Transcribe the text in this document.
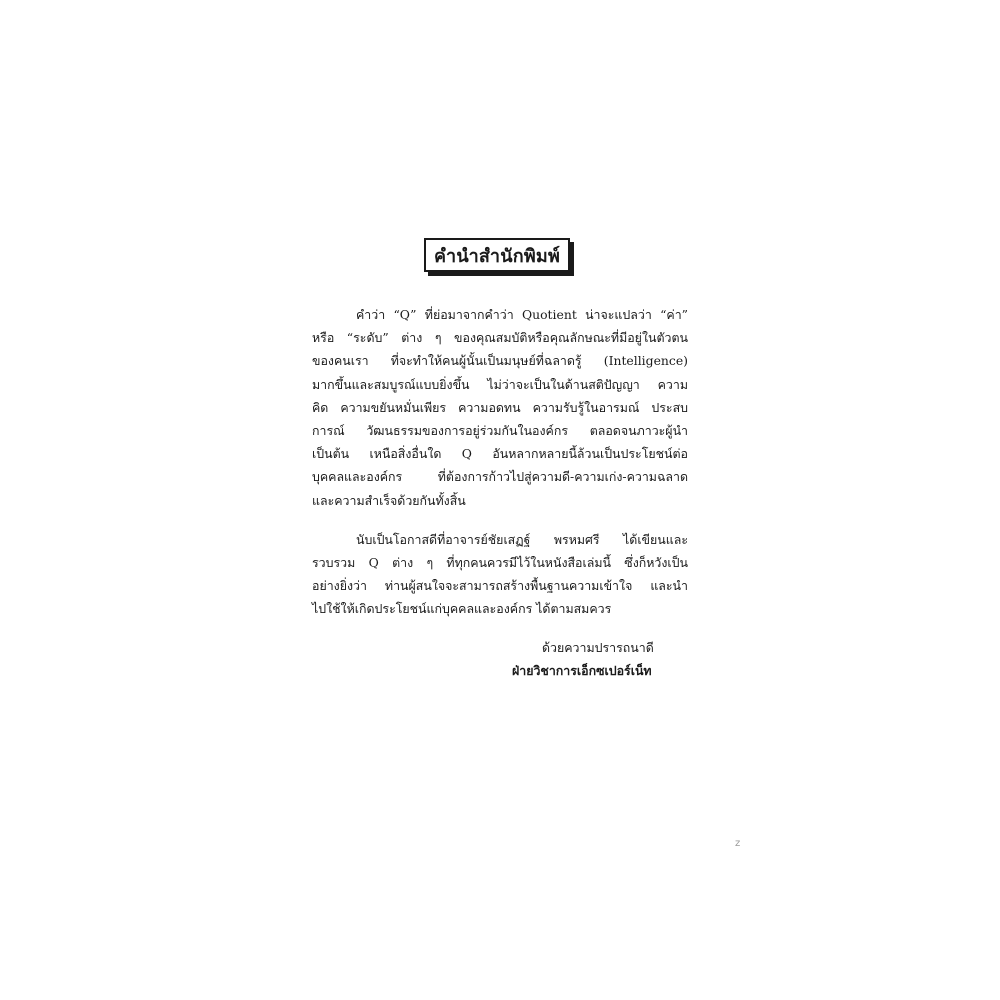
คำนำสำนักพิมพ์
คำว่า “Q” ที่ย่อมาจากคำว่า Quotient น่าจะแปลว่า “ค่า”
หรือ “ระดับ” ต่าง ๆ ของคุณสมบัติหรือคุณลักษณะที่มีอยู่ในตัวตน
ของคนเรา ที่จะทำให้คนผู้นั้นเป็นมนุษย์ที่ฉลาดรู้ (Intelligence)
มากขึ้นและสมบูรณ์แบบยิ่งขึ้น ไม่ว่าจะเป็นในด้านสติปัญญา ความ
คิด ความขยันหมั่นเพียร ความอดทน ความรับรู้ในอารมณ์ ประสบ
การณ์ วัฒนธรรมของการอยู่ร่วมกันในองค์กร ตลอดจนภาวะผู้นำ
เป็นต้น เหนือสิ่งอื่นใด Q อันหลากหลายนี้ล้วนเป็นประโยชน์ต่อ
บุคคลและองค์กร ที่ต้องการก้าวไปสู่ความดี-ความเก่ง-ความฉลาด
และความสำเร็จด้วยกันทั้งสิ้น
นับเป็นโอกาสดีที่อาจารย์ชัยเสฏฐ์ พรหมศรี ได้เขียนและ
รวบรวม Q ต่าง ๆ ที่ทุกคนควรมีไว้ในหนังสือเล่มนี้ ซึ่งก็หวังเป็น
อย่างยิ่งว่า ท่านผู้สนใจจะสามารถสร้างพื้นฐานความเข้าใจ และนำ
ไปใช้ให้เกิดประโยชน์แก่บุคคลและองค์กร ได้ตามสมควร
ด้วยความปรารถนาดี
ฝ่ายวิชาการเอ็กซเปอร์เน็ท
z
